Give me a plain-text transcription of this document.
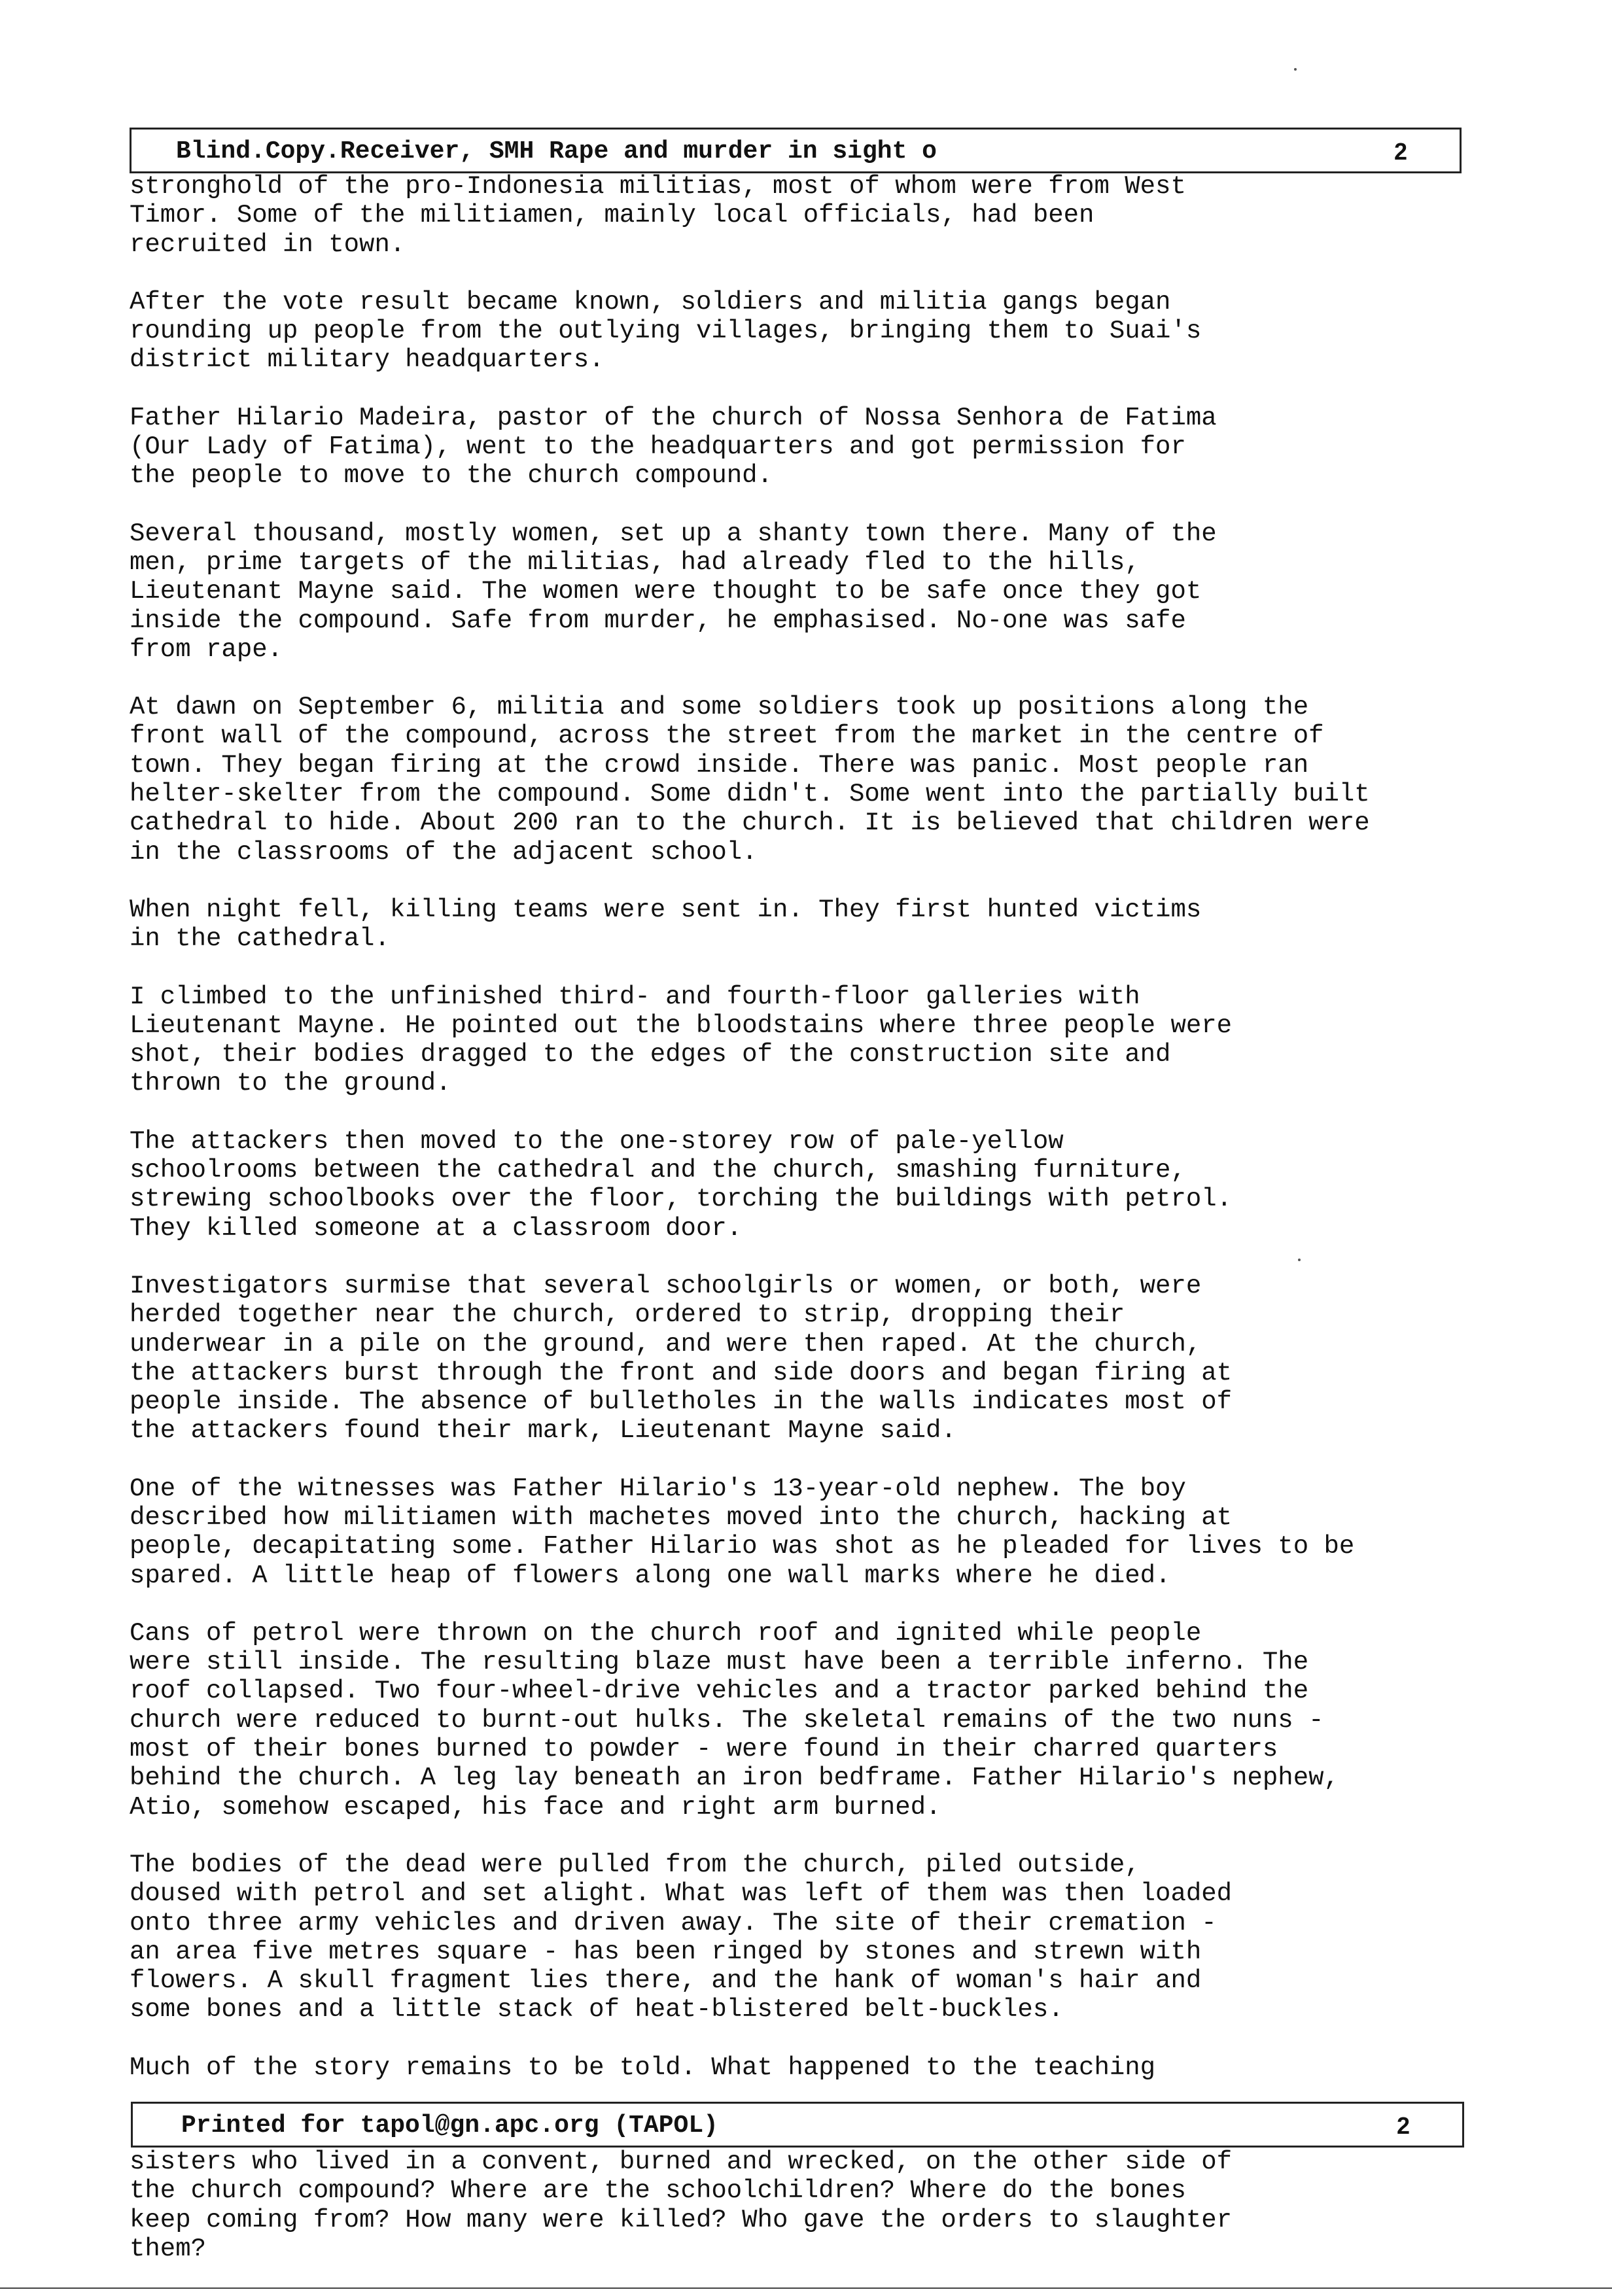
Blind.Copy.Receiver, SMH Rape and murder in sight o	2
stronghold of the pro-Indonesia militias, most of whom were from West
Timor. Some of the militiamen, mainly local officials, had been
recruited in town.
After the vote result became known, soldiers and militia gangs began
rounding up people from the outlying villages, bringing them to Suai's
district military headquarters.
Father Hilario Madeira, pastor of the church of Nossa Senhora de Fatima
(Our Lady of Fatima), went to the headquarters and got permission for
the people to move to the church compound.
Several thousand, mostly women, set up a shanty town there. Many of the
men, prime targets of the militias, had already fled to the hills,
Lieutenant Mayne said. The women were thought to be safe once they got
inside the compound. Safe from murder, he emphasised. No-one was safe
from rape.
At dawn on September 6, militia and some soldiers took up positions along the
front wall of the compound, across the street from the market in the centre of
town. They began firing at the crowd inside. There was panic. Most people ran
helter-skelter from the compound. Some didn't. Some went into the partially built
cathedral to hide. About 200 ran to the church. It is believed that children were
in the classrooms of the adjacent school.
When night fell, killing teams were sent in. They first hunted victims
in the cathedral.
I climbed to the unfinished third- and fourth-floor galleries with
Lieutenant Mayne. He pointed out the bloodstains where three people were
shot, their bodies dragged to the edges of the construction site and
thrown to the ground.
The attackers then moved to the one-storey row of pale-yellow
schoolrooms between the cathedral and the church, smashing furniture,
strewing schoolbooks over the floor, torching the buildings with petrol.
They killed someone at a classroom door.
Investigators surmise that several schoolgirls or women, or both, were
herded together near the church, ordered to strip, dropping their
underwear in a pile on the ground, and were then raped. At the church,
the attackers burst through the front and side doors and began firing at
people inside. The absence of bulletholes in the walls indicates most of
the attackers found their mark, Lieutenant Mayne said.
One of the witnesses was Father Hilario's 13-year-old nephew. The boy
described how militiamen with machetes moved into the church, hacking at
people, decapitating some. Father Hilario was shot as he pleaded for lives to be
spared. A little heap of flowers along one wall marks where he died.
Cans of petrol were thrown on the church roof and ignited while people
were still inside. The resulting blaze must have been a terrible inferno. The
roof collapsed. Two four-wheel-drive vehicles and a tractor parked behind the
church were reduced to burnt-out hulks. The skeletal remains of the two nuns -
most of their bones burned to powder - were found in their charred quarters
behind the church. A leg lay beneath an iron bedframe. Father Hilario's nephew,
Atio, somehow escaped, his face and right arm burned.
The bodies of the dead were pulled from the church, piled outside,
doused with petrol and set alight. What was left of them was then loaded
onto three army vehicles and driven away. The site of their cremation -
an area five metres square - has been ringed by stones and strewn with
flowers. A skull fragment lies there, and the hank of woman's hair and
some bones and a little stack of heat-blistered belt-buckles.
Much of the story remains to be told. What happened to the teaching
Printed for tapol@gn.apc.org (TAPOL)	2
sisters who lived in a convent, burned and wrecked, on the other side of
the church compound? Where are the schoolchildren? Where do the bones
keep coming from? How many were killed? Who gave the orders to slaughter
them?
